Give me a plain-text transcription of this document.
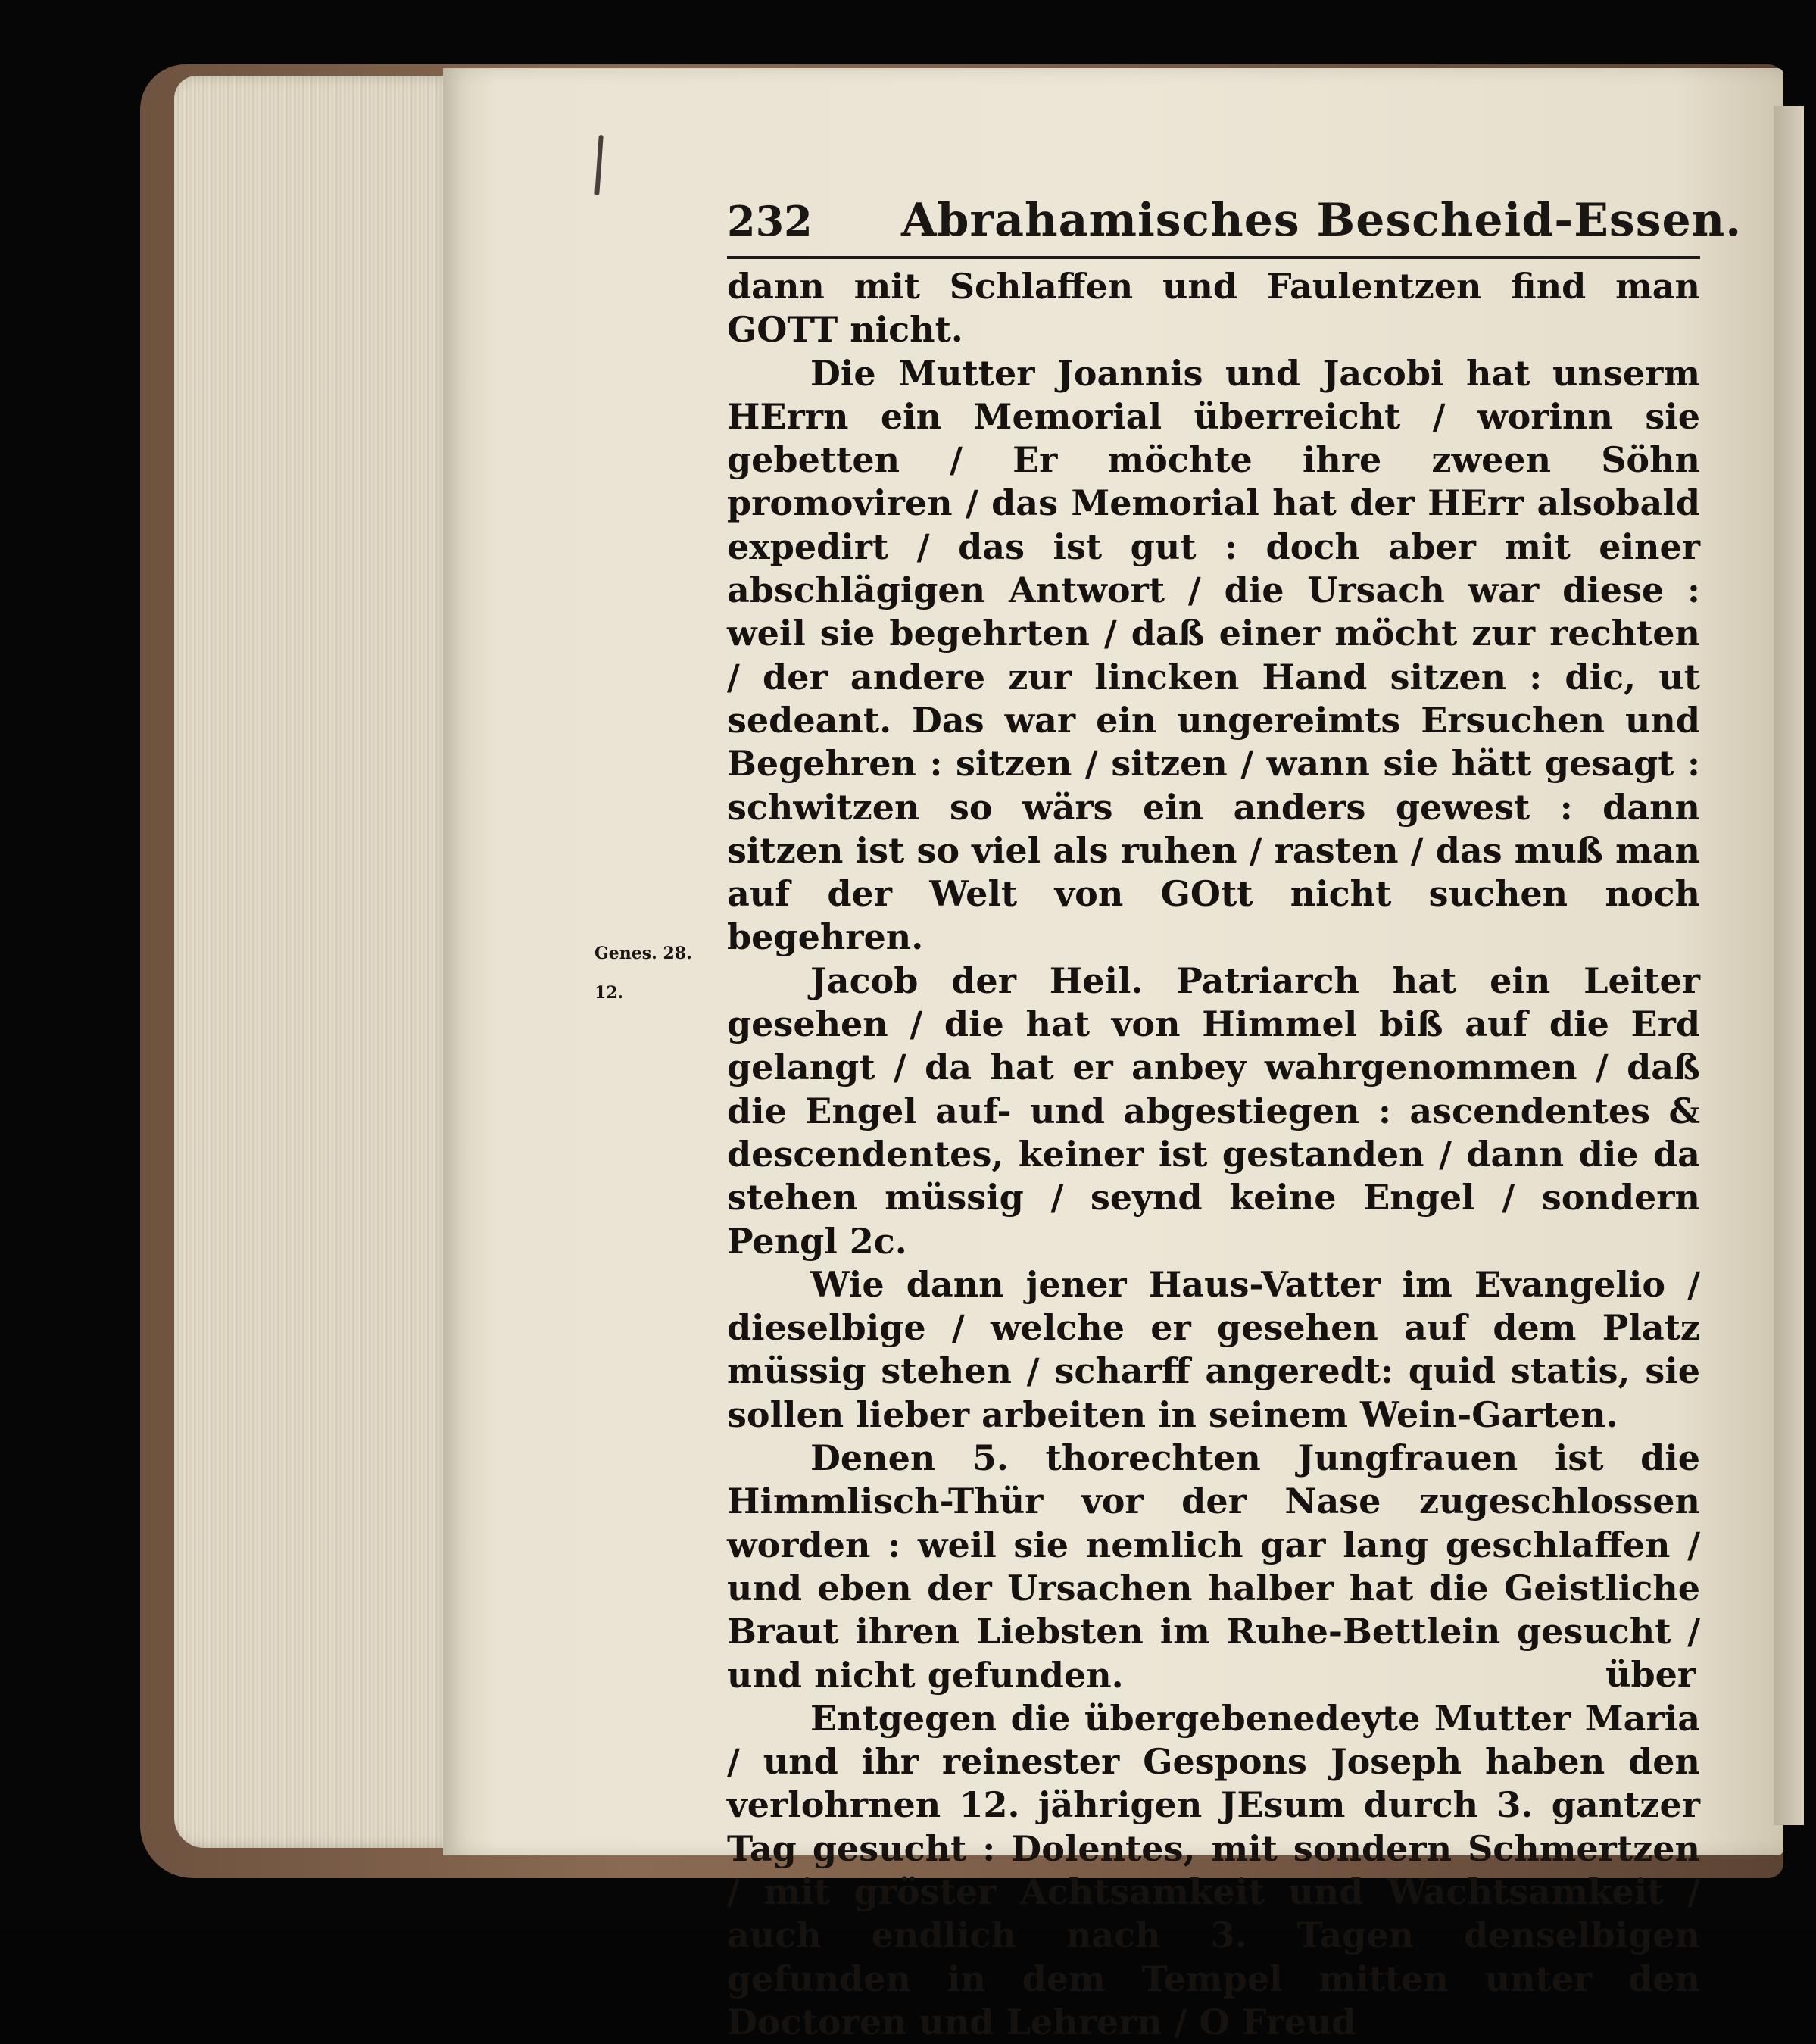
232 Abrahamisches Bescheid-Essen.
Genes. 28.
12.

dann mit Schlaffen und Faulentzen find man GOTT nicht.

Die Mutter Joannis und Jacobi hat unserm HErrn ein Memorial überreicht / worinn sie gebetten / Er möchte ihre zween Söhn promoviren / das Memorial hat der HErr alsobald expedirt / das ist gut : doch aber mit einer abschlägigen Antwort / die Ursach war diese : weil sie begehrten / daß einer möcht zur rechten / der andere zur lincken Hand sitzen : dic, ut sedeant. Das war ein ungereimts Ersuchen und Begehren : sitzen / sitzen / wann sie hätt gesagt : schwitzen so wärs ein anders gewest : dann sitzen ist so viel als ruhen / rasten / das muß man auf der Welt von GOtt nicht suchen noch begehren.

Jacob der Heil. Patriarch hat ein Leiter gesehen / die hat von Himmel biß auf die Erd gelangt / da hat er anbey wahrgenommen / daß die Engel auf- und abgestiegen : ascendentes & descendentes, keiner ist gestanden / dann die da stehen müssig / seynd keine Engel / sondern Pengl 2c.

Wie dann jener Haus-Vatter im Evangelio / dieselbige / welche er gesehen auf dem Platz müssig stehen / scharff angeredt: quid statis, sie sollen lieber arbeiten in seinem Wein-Garten.

Denen 5. thorechten Jungfrauen ist die Himmlisch-Thür vor der Nase zugeschlossen worden : weil sie nemlich gar lang geschlaffen / und eben der Ursachen halber hat die Geistliche Braut ihren Liebsten im Ruhe-Bettlein gesucht / und nicht gefunden.

Entgegen die übergebenedeyte Mutter Maria / und ihr reinester Gespons Joseph haben den verlohrnen 12. jährigen JEsum durch 3. gantzer Tag gesucht : Dolentes, mit sondern Schmertzen / mit gröster Achtsamkeit und Wachtsamkeit / auch endlich nach 3. Tagen denselbigen gefunden in dem Tempel mitten unter den Doctoren und Lehrern / O Freud

über
